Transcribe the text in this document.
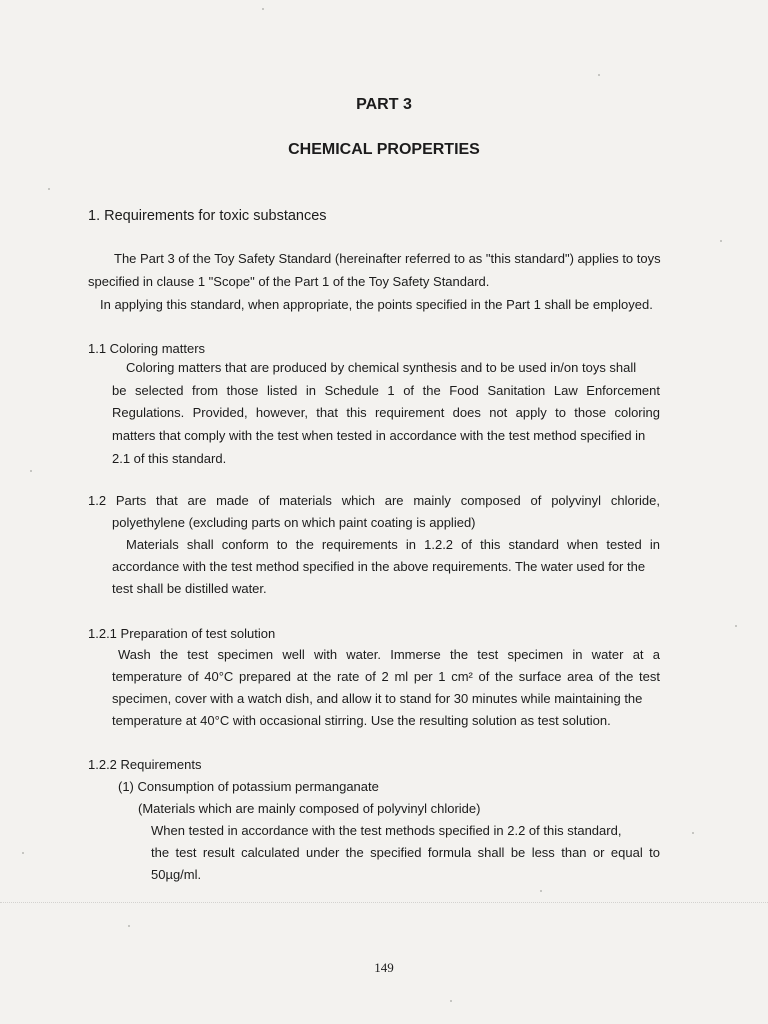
PART 3
CHEMICAL PROPERTIES
1. Requirements for toxic substances
The Part 3 of the Toy Safety Standard (hereinafter referred to as "this standard") applies to toys
specified in clause 1 "Scope" of the Part 1 of the Toy Safety Standard.
In applying this standard, when appropriate, the points specified in the Part 1 shall be employed.
1.1 Coloring matters
Coloring matters that are produced by chemical synthesis and to be used in/on toys shall
be selected from those listed in Schedule 1 of the Food Sanitation Law Enforcement
Regulations. Provided, however, that this requirement does not apply to those coloring
matters that comply with the test when tested in accordance with the test method specified in
2.1 of this standard.
1.2 Parts that are made of materials which are mainly composed of polyvinyl chloride,
polyethylene (excluding parts on which paint coating is applied)
Materials shall conform to the requirements in 1.2.2 of this standard when tested in
accordance with the test method specified in the above requirements. The water used for the
test shall be distilled water.
1.2.1 Preparation of test solution
Wash the test specimen well with water. Immerse the test specimen in water at a
temperature of 40°C prepared at the rate of 2 ml per 1 cm² of the surface area of the test
specimen, cover with a watch dish, and allow it to stand for 30 minutes while maintaining the
temperature at 40°C with occasional stirring. Use the resulting solution as test solution.
1.2.2 Requirements
(1) Consumption of potassium permanganate
(Materials which are mainly composed of polyvinyl chloride)
When tested in accordance with the test methods specified in 2.2 of this standard,
the test result calculated under the specified formula shall be less than or equal to
50µg/ml.
149
